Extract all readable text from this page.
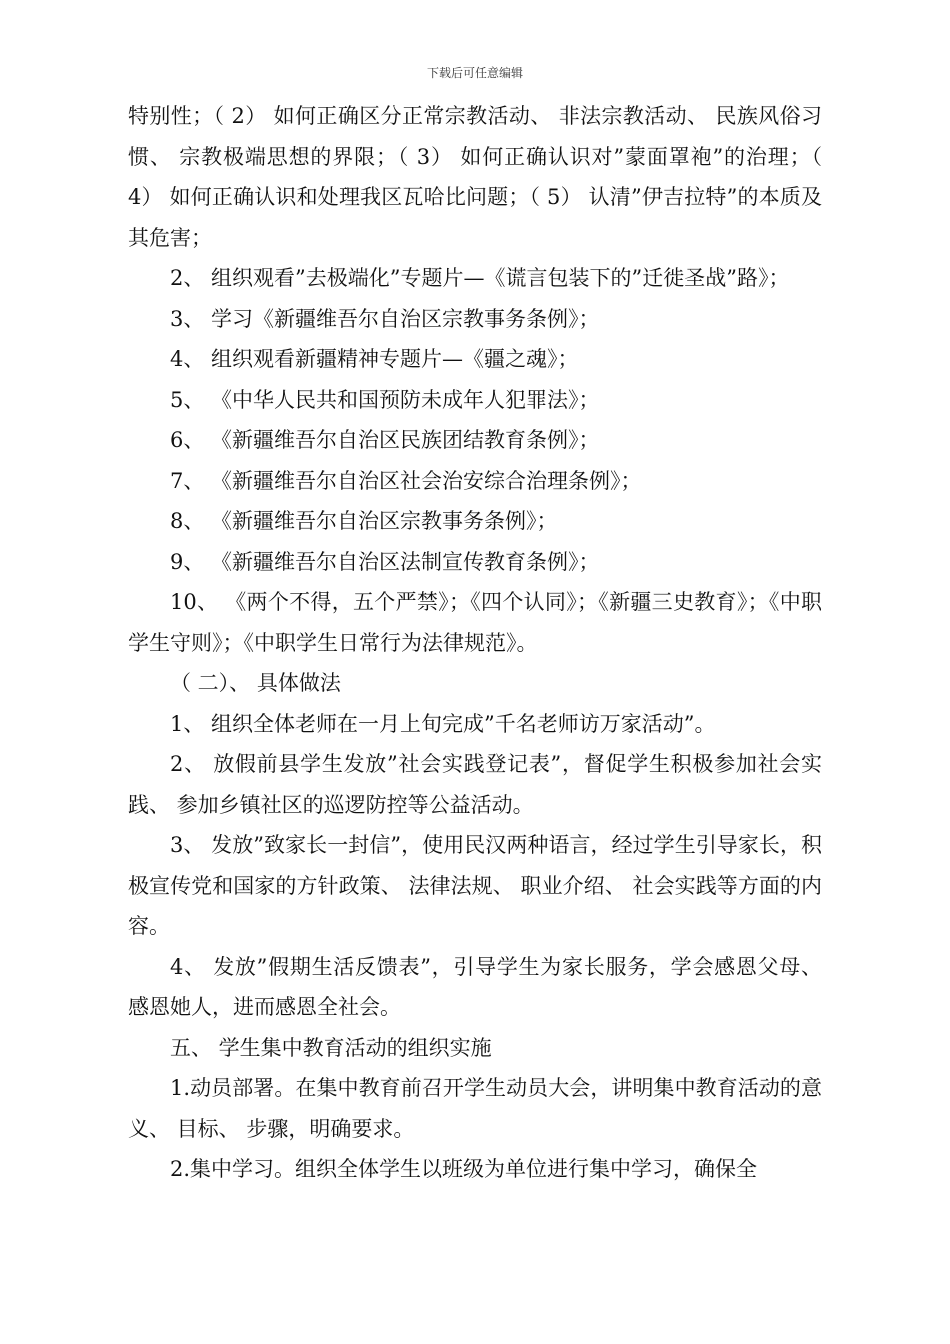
下载后可任意编辑

特别性；（ 2） 如何正确区分正常宗教活动、 非法宗教活动、 民族风俗习惯、 宗教极端思想的界限；（ 3） 如何正确认识对”蒙面罩袍”的治理；（ 4） 如何正确认识和处理我区瓦哈比问题；（ 5） 认清”伊吉拉特”的本质及其危害；

2、 组织观看”去极端化”专题片—《谎言包装下的”迁徙圣战”路》；

3、 学习《新疆维吾尔自治区宗教事务条例》；

4、 组织观看新疆精神专题片—《疆之魂》；

5、 《中华人民共和国预防未成年人犯罪法》；

6、 《新疆维吾尔自治区民族团结教育条例》；

7、 《新疆维吾尔自治区社会治安综合治理条例》；

8、 《新疆维吾尔自治区宗教事务条例》；

9、 《新疆维吾尔自治区法制宣传教育条例》；

10、 《两个不得，五个严禁》；《四个认同》；《新疆三史教育》；《中职学生守则》；《中职学生日常行为法律规范》。

（ 二）、 具体做法

1、 组织全体老师在一月上旬完成”千名老师访万家活动”。

2、 放假前县学生发放”社会实践登记表”，督促学生积极参加社会实践、 参加乡镇社区的巡逻防控等公益活动。

3、 发放”致家长一封信”，使用民汉两种语言，经过学生引导家长，积极宣传党和国家的方针政策、 法律法规、 职业介绍、 社会实践等方面的内容。

4、 发放”假期生活反馈表”，引导学生为家长服务，学会感恩父母、 感恩她人，进而感恩全社会。

五、 学生集中教育活动的组织实施

1.动员部署。在集中教育前召开学生动员大会，讲明集中教育活动的意义、 目标、 步骤，明确要求。

2.集中学习。组织全体学生以班级为单位进行集中学习，确保全
